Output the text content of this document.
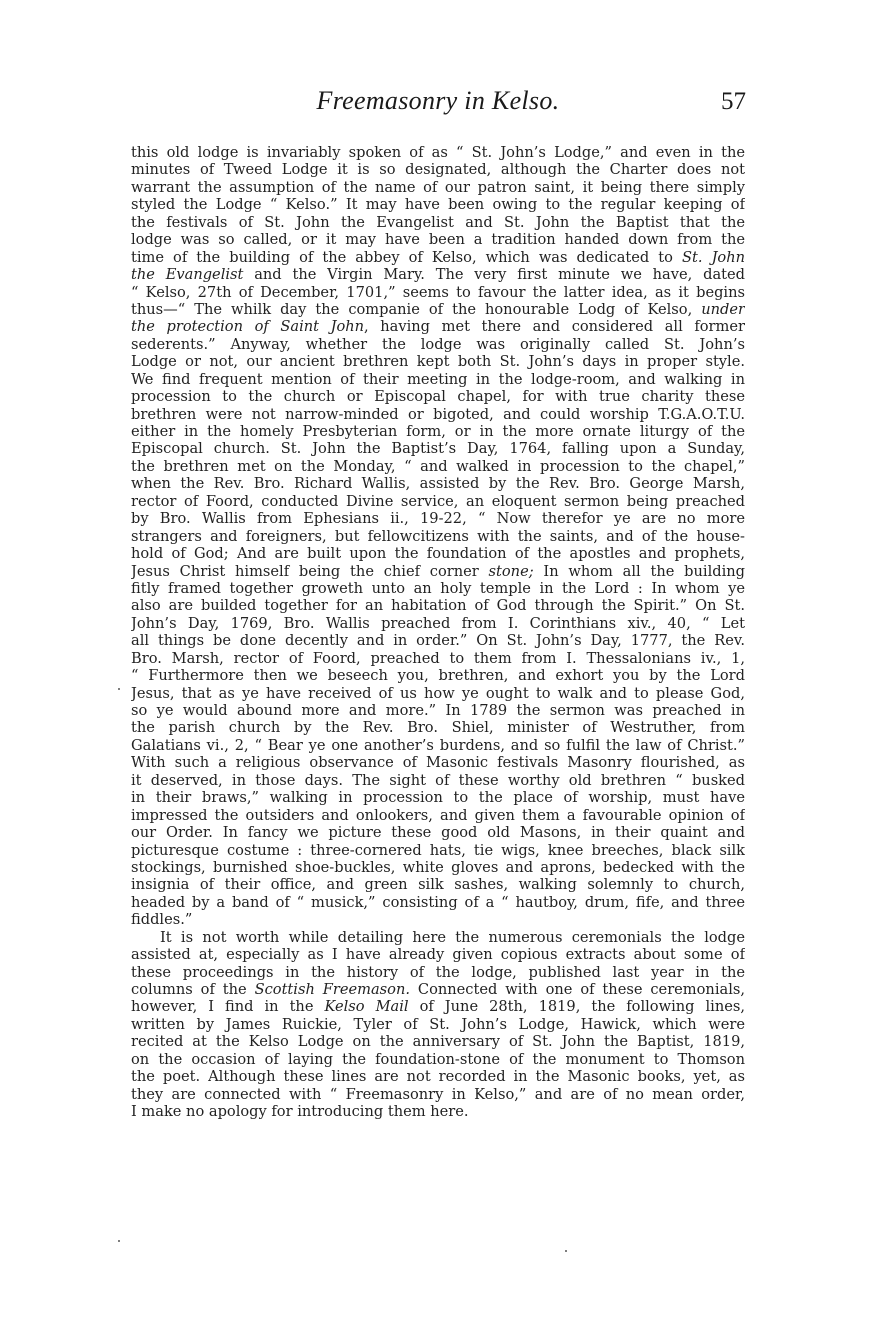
Freemasonry in Kelso.	57
this old lodge is invariably spoken of as “ St. John’s Lodge,” and even in the
minutes of Tweed Lodge it is so designated, although the Charter does not
warrant the assumption of the name of our patron saint, it being there simply
styled the Lodge “ Kelso.” It may have been owing to the regular keeping of
the festivals of St. John the Evangelist and St. John the Baptist that the
lodge was so called, or it may have been a tradition handed down from the
time of the building of the abbey of Kelso, which was dedicated to St. John
the Evangelist and the Virgin Mary. The very first minute we have, dated
“ Kelso, 27th of December, 1701,” seems to favour the latter idea, as it begins
thus—“ The whilk day the companie of the honourable Lodg of Kelso, under
the protection of Saint John, having met there and considered all former
sederents.” Anyway, whether the lodge was originally called St. John’s
Lodge or not, our ancient brethren kept both St. John’s days in proper style.
We find frequent mention of their meeting in the lodge-room, and walking in
procession to the church or Episcopal chapel, for with true charity these
brethren were not narrow-minded or bigoted, and could worship T.G.A.O.T.U.
either in the homely Presbyterian form, or in the more ornate liturgy of the
Episcopal church. St. John the Baptist’s Day, 1764, falling upon a Sunday,
the brethren met on the Monday, “ and walked in procession to the chapel,”
when the Rev. Bro. Richard Wallis, assisted by the Rev. Bro. George Marsh,
rector of Foord, conducted Divine service, an eloquent sermon being preached
by Bro. Wallis from Ephesians ii., 19-22, “ Now therefor ye are no more
strangers and foreigners, but fellowcitizens with the saints, and of the house-
hold of God; And are built upon the foundation of the apostles and prophets,
Jesus Christ himself being the chief corner stone; In whom all the building
fitly framed together groweth unto an holy temple in the Lord : In whom ye
also are builded together for an habitation of God through the Spirit.” On St.
John’s Day, 1769, Bro. Wallis preached from I. Corinthians xiv., 40, “ Let
all things be done decently and in order.” On St. John’s Day, 1777, the Rev.
Bro. Marsh, rector of Foord, preached to them from I. Thessalonians iv., 1,
“ Furthermore then we beseech you, brethren, and exhort you by the Lord
Jesus, that as ye have received of us how ye ought to walk and to please God,
so ye would abound more and more.” In 1789 the sermon was preached in
the parish church by the Rev. Bro. Shiel, minister of Westruther, from
Galatians vi., 2, “ Bear ye one another’s burdens, and so fulfil the law of Christ.”
With such a religious observance of Masonic festivals Masonry flourished, as
it deserved, in those days. The sight of these worthy old brethren “ busked
in their braws,” walking in procession to the place of worship, must have
impressed the outsiders and onlookers, and given them a favourable opinion of
our Order. In fancy we picture these good old Masons, in their quaint and
picturesque costume : three-cornered hats, tie wigs, knee breeches, black silk
stockings, burnished shoe-buckles, white gloves and aprons, bedecked with the
insignia of their office, and green silk sashes, walking solemnly to church,
headed by a band of “ musick,” consisting of a “ hautboy, drum, fife, and three
fiddles.”
It is not worth while detailing here the numerous ceremonials the lodge
assisted at, especially as I have already given copious extracts about some of
these proceedings in the history of the lodge, published last year in the
columns of the Scottish Freemason. Connected with one of these ceremonials,
however, I find in the Kelso Mail of June 28th, 1819, the following lines,
written by James Ruickie, Tyler of St. John’s Lodge, Hawick, which were
recited at the Kelso Lodge on the anniversary of St. John the Baptist, 1819,
on the occasion of laying the foundation-stone of the monument to Thomson
the poet. Although these lines are not recorded in the Masonic books, yet, as
they are connected with “ Freemasonry in Kelso,” and are of no mean order,
I make no apology for introducing them here.
